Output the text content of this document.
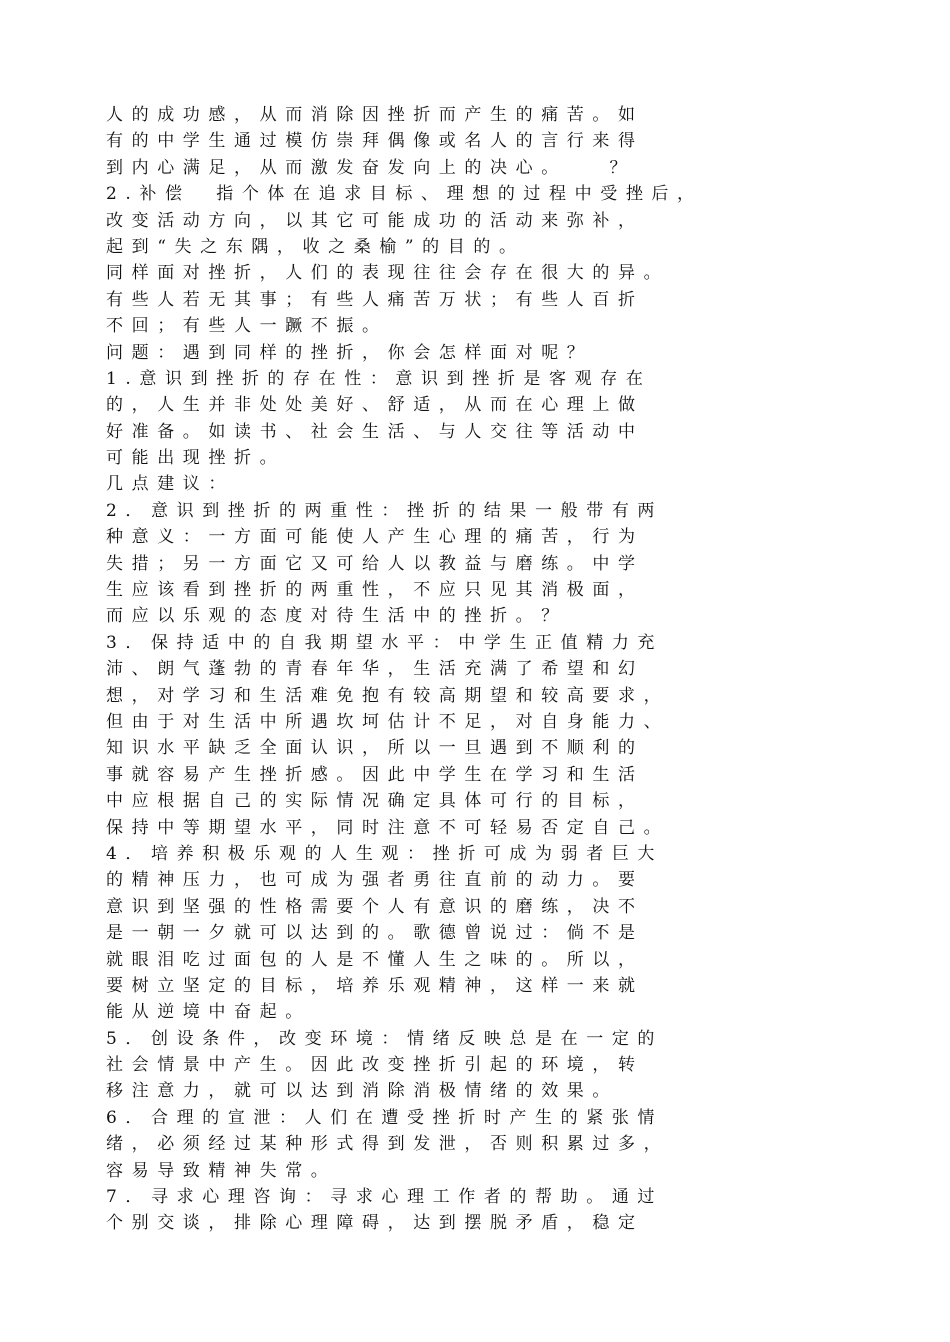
人的成功感，从而消除因挫折而产生的痛苦。如
有的中学生通过模仿崇拜偶像或名人的言行来得
到内心满足，从而激发奋发向上的决心。　　？
2.补偿　指个体在追求目标、理想的过程中受挫后，
改变活动方向，以其它可能成功的活动来弥补，
起到“失之东隅，收之桑榆”的目的。
同样面对挫折，人们的表现往往会存在很大的异。
有些人若无其事；有些人痛苦万状；有些人百折
不回；有些人一蹶不振。
问题：遇到同样的挫折，你会怎样面对呢？
1.意识到挫折的存在性：意识到挫折是客观存在
的，人生并非处处美好、舒适，从而在心理上做
好准备。如读书、社会生活、与人交往等活动中
可能出现挫折。
几点建议：
2．意识到挫折的两重性：挫折的结果一般带有两
种意义：一方面可能使人产生心理的痛苦，行为
失措；另一方面它又可给人以教益与磨练。中学
生应该看到挫折的两重性，不应只见其消极面，
而应以乐观的态度对待生活中的挫折。？
3．保持适中的自我期望水平：中学生正值精力充
沛、朗气蓬勃的青春年华，生活充满了希望和幻
想，对学习和生活难免抱有较高期望和较高要求，
但由于对生活中所遇坎坷估计不足，对自身能力、
知识水平缺乏全面认识，所以一旦遇到不顺利的
事就容易产生挫折感。因此中学生在学习和生活
中应根据自己的实际情况确定具体可行的目标，
保持中等期望水平，同时注意不可轻易否定自己。
4．培养积极乐观的人生观：挫折可成为弱者巨大
的精神压力，也可成为强者勇往直前的动力。要
意识到坚强的性格需要个人有意识的磨练，决不
是一朝一夕就可以达到的。歌德曾说过：倘不是
就眼泪吃过面包的人是不懂人生之味的。所以，
要树立坚定的目标，培养乐观精神，这样一来就
能从逆境中奋起。
5．创设条件，改变环境：情绪反映总是在一定的
社会情景中产生。因此改变挫折引起的环境，转
移注意力，就可以达到消除消极情绪的效果。
6．合理的宣泄：人们在遭受挫折时产生的紧张情
绪，必须经过某种形式得到发泄，否则积累过多，
容易导致精神失常。
7．寻求心理咨询：寻求心理工作者的帮助。通过
个别交谈，排除心理障碍，达到摆脱矛盾，稳定
